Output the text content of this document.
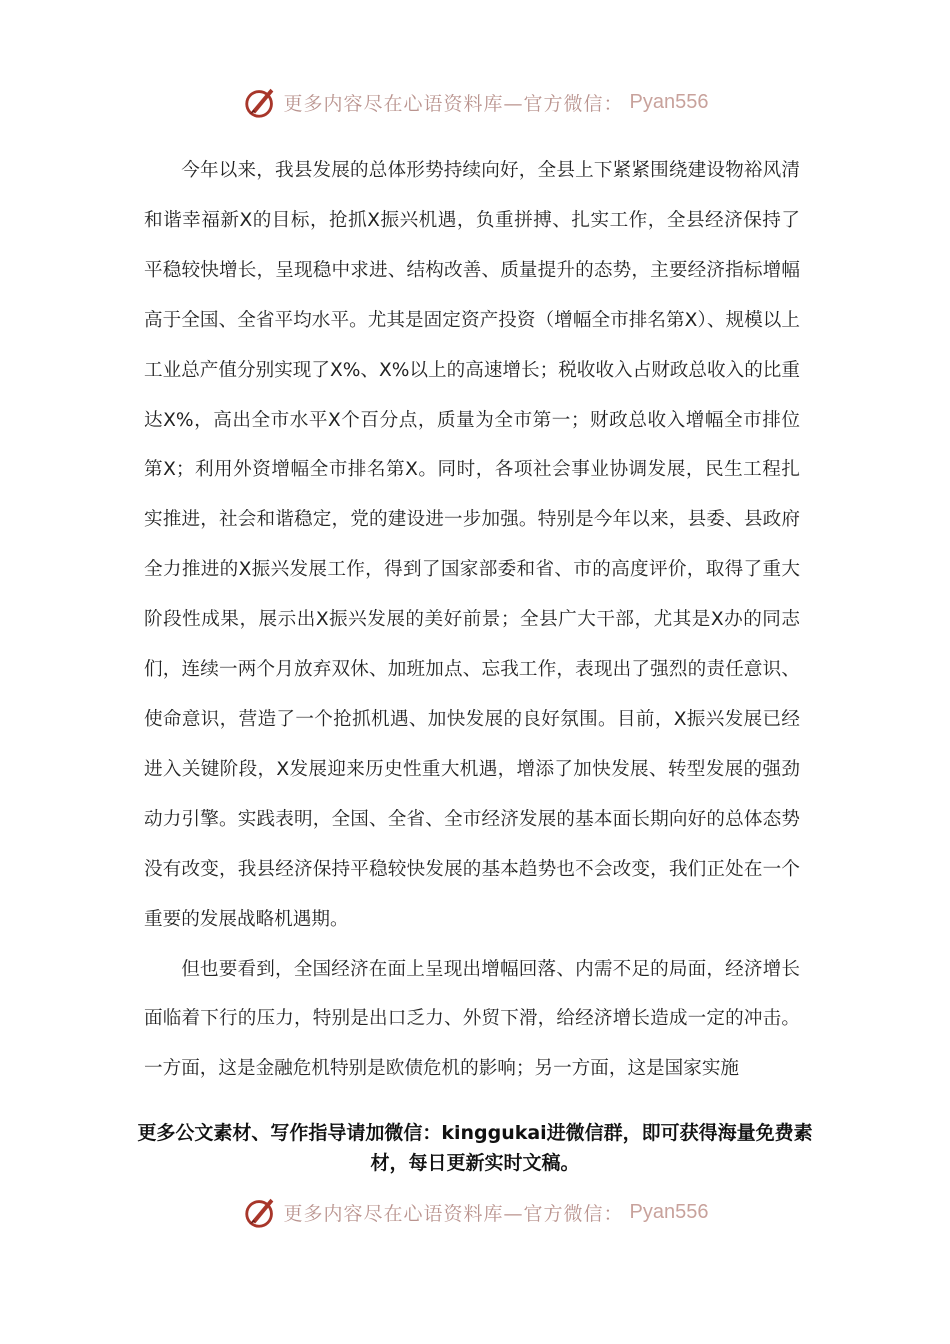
更多内容尽在心语资料库—官方微信： Pyan556

今年以来，我县发展的总体形势持续向好，全县上下紧紧围绕建设物裕风清和谐幸福新X的目标，抢抓X振兴机遇，负重拼搏、扎实工作，全县经济保持了平稳较快增长，呈现稳中求进、结构改善、质量提升的态势，主要经济指标增幅高于全国、全省平均水平。尤其是固定资产投资（增幅全市排名第X）、规模以上工业总产值分别实现了X%、X%以上的高速增长；税收收入占财政总收入的比重达X%，高出全市水平X个百分点，质量为全市第一；财政总收入增幅全市排位第X；利用外资增幅全市排名第X。同时，各项社会事业协调发展，民生工程扎实推进，社会和谐稳定，党的建设进一步加强。特别是今年以来，县委、县政府全力推进的X振兴发展工作，得到了国家部委和省、市的高度评价，取得了重大阶段性成果，展示出X振兴发展的美好前景；全县广大干部，尤其是X办的同志们，连续一两个月放弃双休、加班加点、忘我工作，表现出了强烈的责任意识、使命意识，营造了一个抢抓机遇、加快发展的良好氛围。目前，X振兴发展已经进入关键阶段，X发展迎来历史性重大机遇，增添了加快发展、转型发展的强劲动力引擎。实践表明，全国、全省、全市经济发展的基本面长期向好的总体态势没有改变，我县经济保持平稳较快发展的基本趋势也不会改变，我们正处在一个重要的发展战略机遇期。

但也要看到，全国经济在面上呈现出增幅回落、内需不足的局面，经济增长面临着下行的压力，特别是出口乏力、外贸下滑，给经济增长造成一定的冲击。一方面，这是金融危机特别是欧债危机的影响；另一方面，这是国家实施

更多公文素材、写作指导请加微信：kinggukai进微信群，即可获得海量免费素材，每日更新实时文稿。
更多内容尽在心语资料库—官方微信： Pyan556
